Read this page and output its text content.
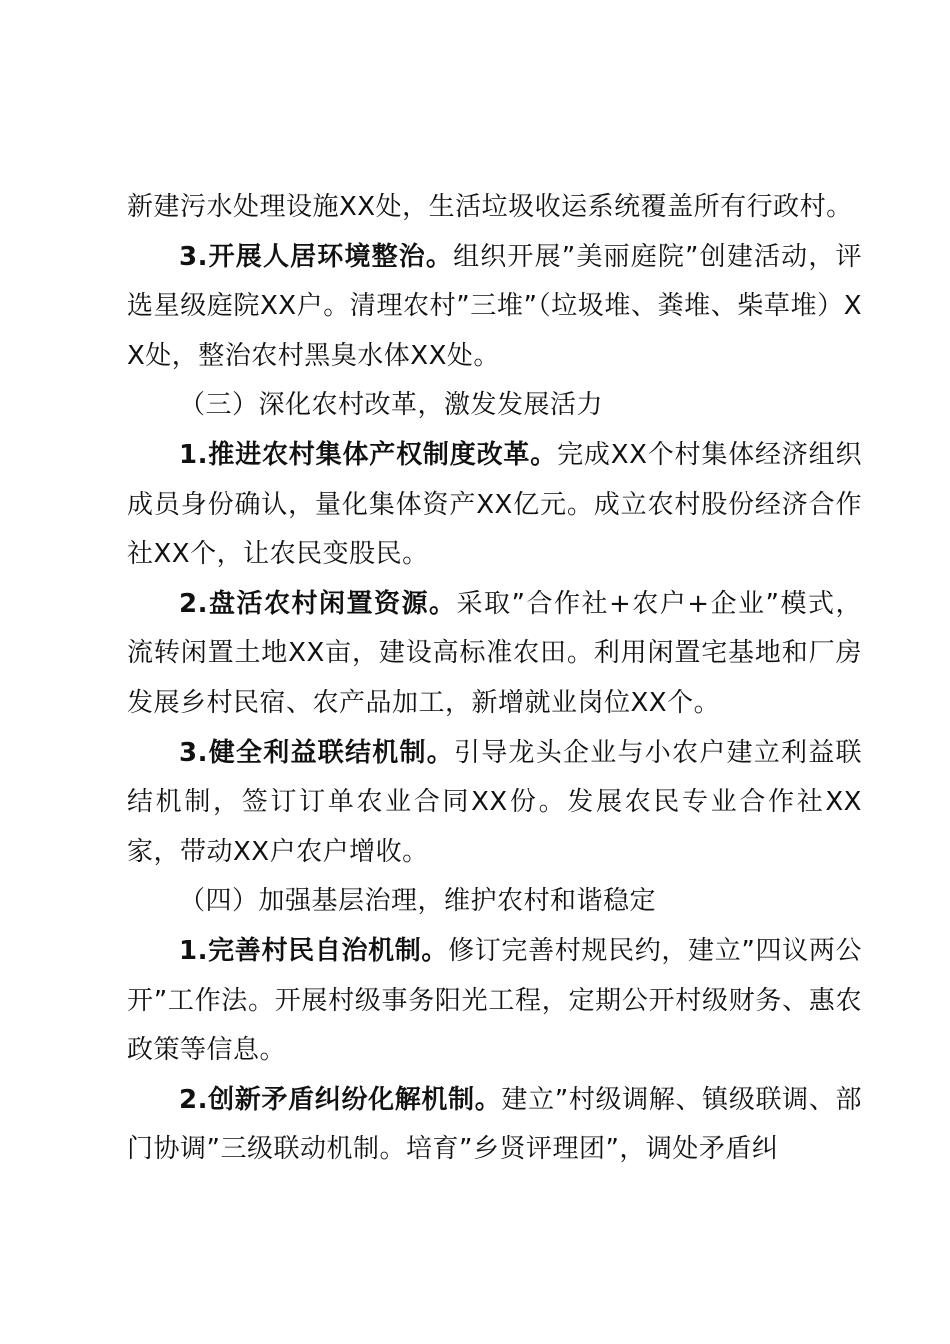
新建污水处理设施XX处，生活垃圾收运系统覆盖所有行政村。

3.开展人居环境整治。组织开展”美丽庭院”创建活动，评选星级庭院XX户。清理农村”三堆”（垃圾堆、粪堆、柴草堆）XX处，整治农村黑臭水体XX处。

（三）深化农村改革，激发发展活力

1.推进农村集体产权制度改革。完成XX个村集体经济组织成员身份确认，量化集体资产XX亿元。成立农村股份经济合作社XX个，让农民变股民。

2.盘活农村闲置资源。采取”合作社+农户+企业”模式，流转闲置土地XX亩，建设高标准农田。利用闲置宅基地和厂房发展乡村民宿、农产品加工，新增就业岗位XX个。

3.健全利益联结机制。引导龙头企业与小农户建立利益联结机制，签订订单农业合同XX份。发展农民专业合作社XX家，带动XX户农户增收。

（四）加强基层治理，维护农村和谐稳定

1.完善村民自治机制。修订完善村规民约，建立”四议两公开”工作法。开展村级事务阳光工程，定期公开村级财务、惠农政策等信息。

2.创新矛盾纠纷化解机制。建立”村级调解、镇级联调、部门协调”三级联动机制。培育”乡贤评理团”，调处矛盾纠
